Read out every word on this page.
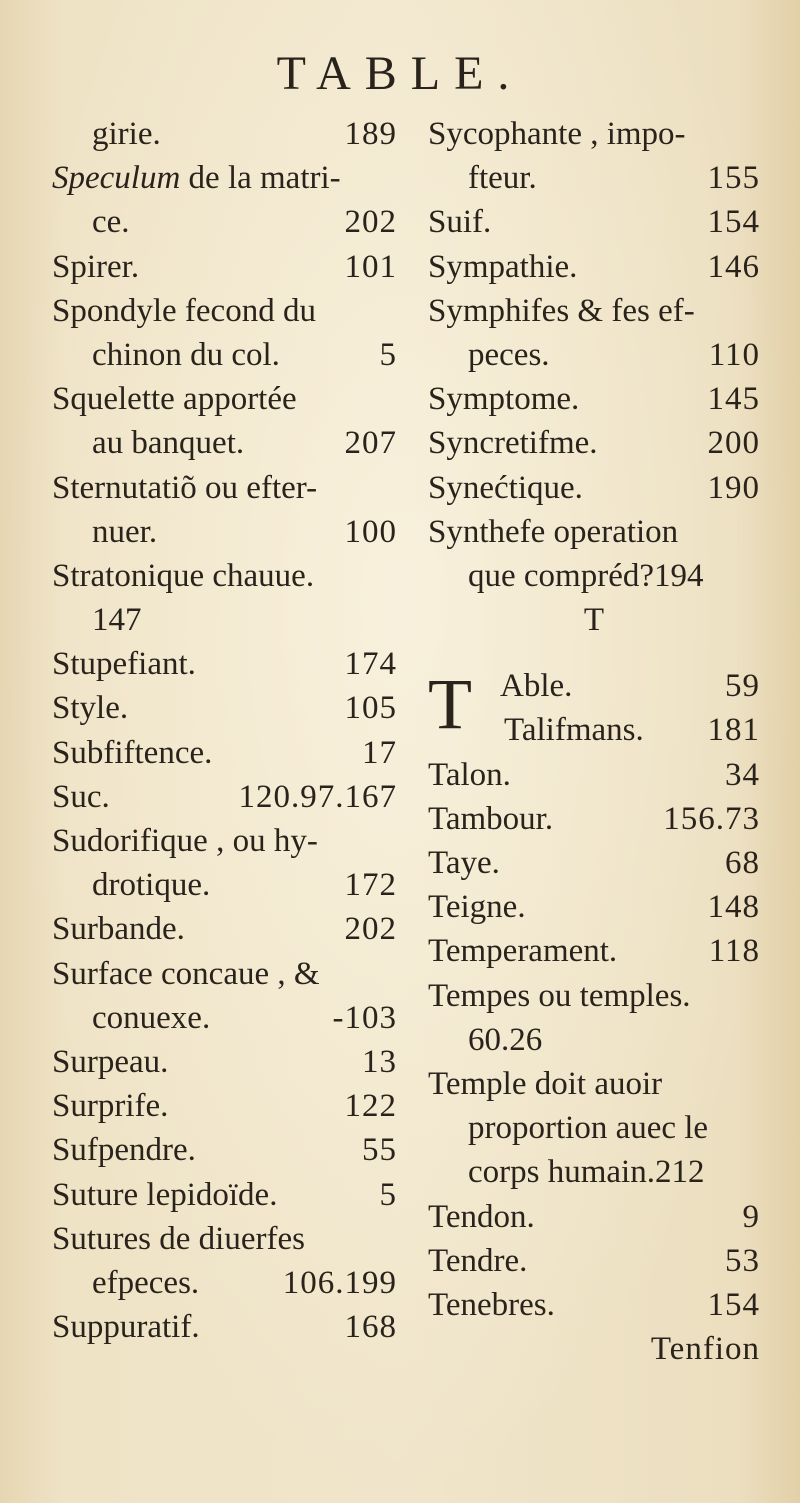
TABLE.
girie.	189
Speculum de la matri-
ce.	202
Spirer.	101
Spondyle fecond du
chinon du col.	5
Squelette apportée
au banquet.	207
Sternutatiõ ou efter-
nuer.	100
Stratonique chauue.
147
Stupefiant.	174
Style.	105
Subfiftence.	17
Suc.	120.97.167
Sudorifique , ou hy-
drotique.	172
Surbande.	202
Surface concaue , &
conuexe.	-103
Surpeau.	13
Surprife.	122
Sufpendre.	55
Suture lepidoïde.	5
Sutures de diuerfes
efpeces.	106.199
Suppuratif.	168
Sycophante , impo-
fteur.	155
Suif.	154
Sympathie.	146
Symphifes & fes ef-
peces.	110
Symptome.	145
Syncretifme.	200
Synećtique.	190
Synthefe operation
que compréd?194
T
T Able.	59
Talifmans. 181
Talon.	34
Tambour.	156.73
Taye.	68
Teigne.	148
Temperament.	118
Tempes ou temples.
60.26
Temple doit auoir
proportion auec le
corps humain.212
Tendon.	9
Tendre.	53
Tenebres.	154
Tenfion
